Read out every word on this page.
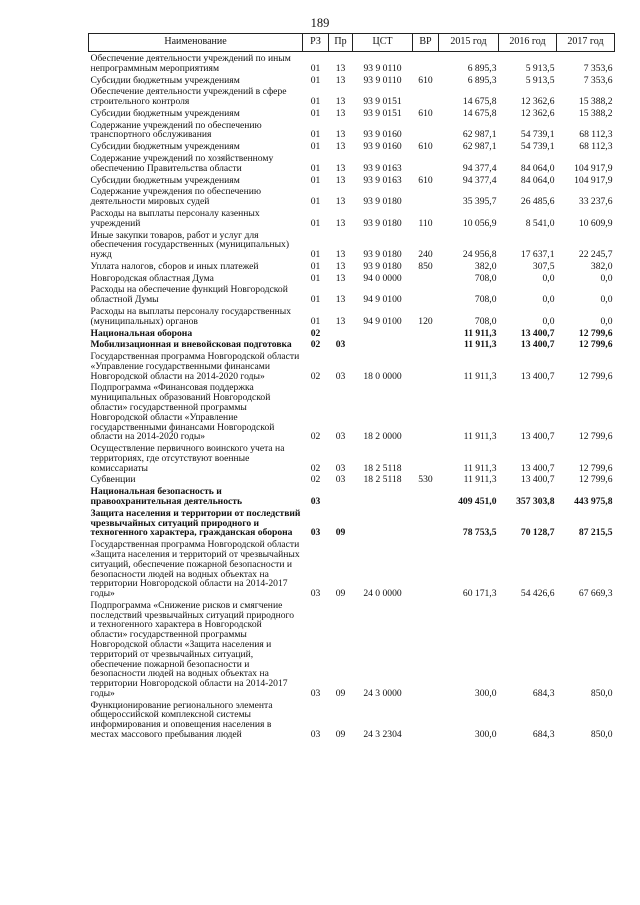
189
Наименование	РЗ	Пр	ЦСТ	ВР	2015 год	2016 год	2017 год
Обеспечение деятельности учреждений по иным непрограммным мероприятиям	01	13	93 9 0110		6 895,3	5 913,5	7 353,6
Субсидии бюджетным учреждениям	01	13	93 9 0110	610	6 895,3	5 913,5	7 353,6
Обеспечение деятельности учреждений в сфере строительного контроля	01	13	93 9 0151		14 675,8	12 362,6	15 388,2
Субсидии бюджетным учреждениям	01	13	93 9 0151	610	14 675,8	12 362,6	15 388,2
Содержание учреждений по обеспечению транспортного обслуживания	01	13	93 9 0160		62 987,1	54 739,1	68 112,3
Субсидии бюджетным учреждениям	01	13	93 9 0160	610	62 987,1	54 739,1	68 112,3
Содержание учреждений по хозяйственному обеспечению Правительства области	01	13	93 9 0163		94 377,4	84 064,0	104 917,9
Субсидии бюджетным учреждениям	01	13	93 9 0163	610	94 377,4	84 064,0	104 917,9
Содержание учреждения по обеспечению деятельности мировых судей	01	13	93 9 0180		35 395,7	26 485,6	33 237,6
Расходы на выплаты персоналу казенных учреждений	01	13	93 9 0180	110	10 056,9	8 541,0	10 609,9
Иные закупки товаров, работ и услуг для обеспечения государственных (муниципальных) нужд	01	13	93 9 0180	240	24 956,8	17 637,1	22 245,7
Уплата налогов, сборов и иных платежей	01	13	93 9 0180	850	382,0	307,5	382,0
Новгородская областная Дума	01	13	94 0 0000		708,0	0,0	0,0
Расходы на обеспечение функций Новгородской областной Думы	01	13	94 9 0100		708,0	0,0	0,0
Расходы на выплаты персоналу государственных (муниципальных) органов	01	13	94 9 0100	120	708,0	0,0	0,0
Национальная оборона	02				11 911,3	13 400,7	12 799,6
Мобилизационная и вневойсковая подготовка	02	03			11 911,3	13 400,7	12 799,6
Государственная программа Новгородской области «Управление государственными финансами Новгородской области на 2014-2020 годы»	02	03	18 0 0000		11 911,3	13 400,7	12 799,6
Подпрограмма «Финансовая поддержка муниципальных образований Новгородской области» государственной программы Новгородской области «Управление государственными финансами Новгородской области на 2014-2020 годы»	02	03	18 2 0000		11 911,3	13 400,7	12 799,6
Осуществление первичного воинского учета на территориях, где отсутствуют военные комиссариаты	02	03	18 2 5118		11 911,3	13 400,7	12 799,6
Субвенции	02	03	18 2 5118	530	11 911,3	13 400,7	12 799,6
Национальная безопасность и правоохранительная деятельность	03				409 451,0	357 303,8	443 975,8
Защита населения и территории от последствий чрезвычайных ситуаций природного и техногенного характера, гражданская оборона	03	09			78 753,5	70 128,7	87 215,5
Государственная программа Новгородской области «Защита населения и территорий от чрезвычайных ситуаций, обеспечение пожарной безопасности и безопасности людей на водных объектах на территории Новгородской области на 2014-2017 годы»	03	09	24 0 0000		60 171,3	54 426,6	67 669,3
Подпрограмма «Снижение рисков и смягчение последствий чрезвычайных ситуаций природного и техногенного характера в Новгородской области» государственной программы Новгородской области «Защита населения и территорий от чрезвычайных ситуаций, обеспечение пожарной безопасности и безопасности людей на водных объектах на территории Новгородской области на 2014-2017 годы»	03	09	24 3 0000		300,0	684,3	850,0
Функционирование регионального элемента общероссийской комплексной системы информирования и оповещения населения в местах массового пребывания людей	03	09	24 3 2304		300,0	684,3	850,0
